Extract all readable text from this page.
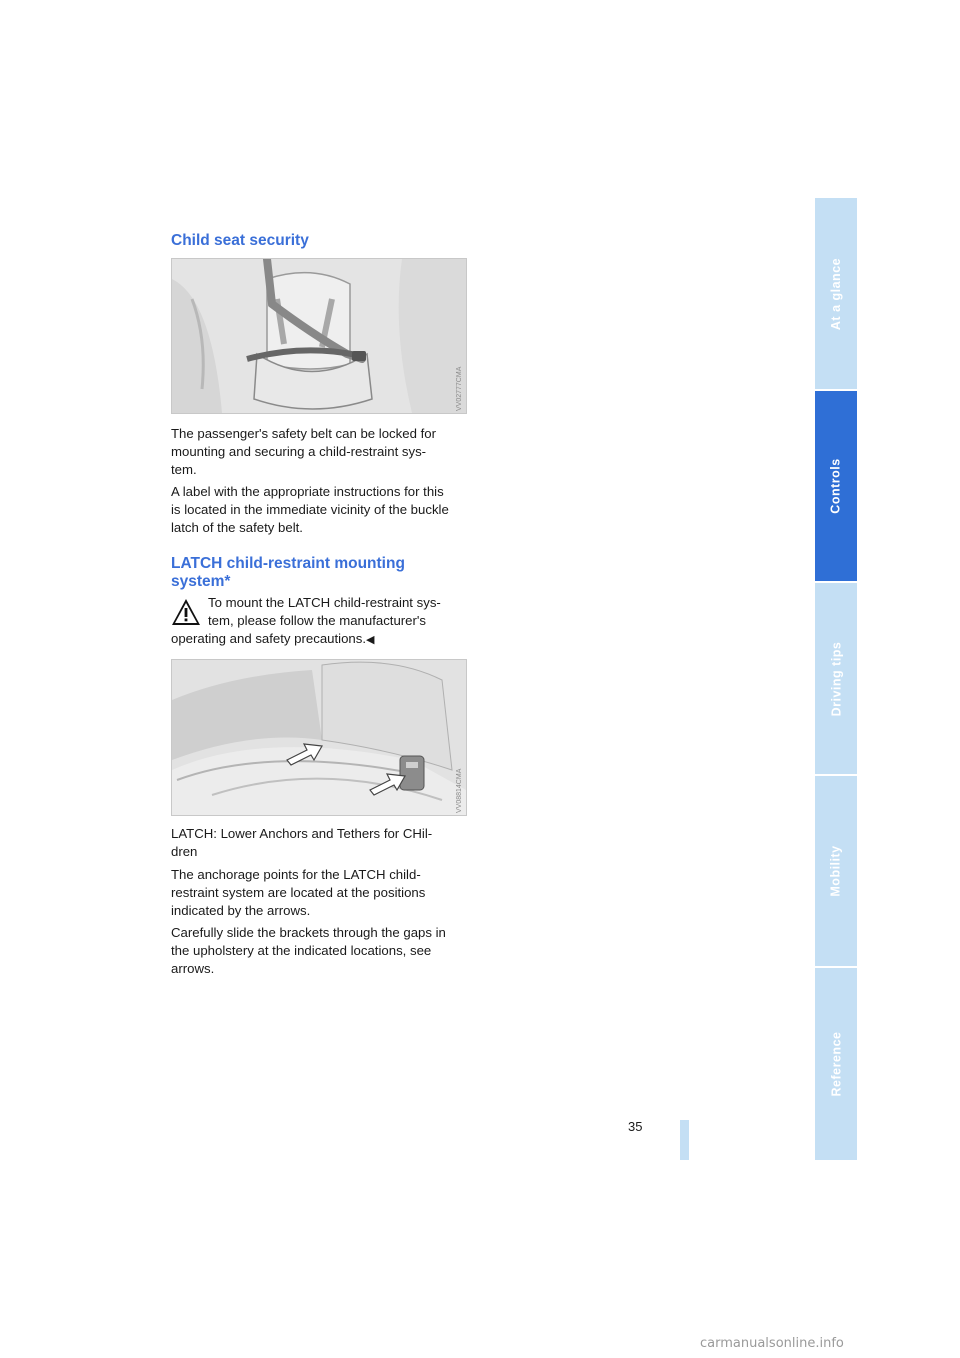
Child seat security
VV02777CMA

The passenger's safety belt can be locked for

mounting and securing a child-restraint sys-

tem.

A label with the appropriate instructions for this

is located in the immediate vicinity of the buckle

latch of the safety belt.

LATCH child-restraint mounting
system*

To mount the LATCH child-restraint sys-

tem, please follow the manufacturer's

operating and safety precautions.◀

VV08814CMA

LATCH: Lower Anchors and Tethers for CHil-

dren

The anchorage points for the LATCH child-

restraint system are located at the positions

indicated by the arrows.

Carefully slide the brackets through the gaps in

the upholstery at the indicated locations, see

arrows.

At a glance
Controls
Driving tips
Mobility
Reference
35
carmanualsonline.info
